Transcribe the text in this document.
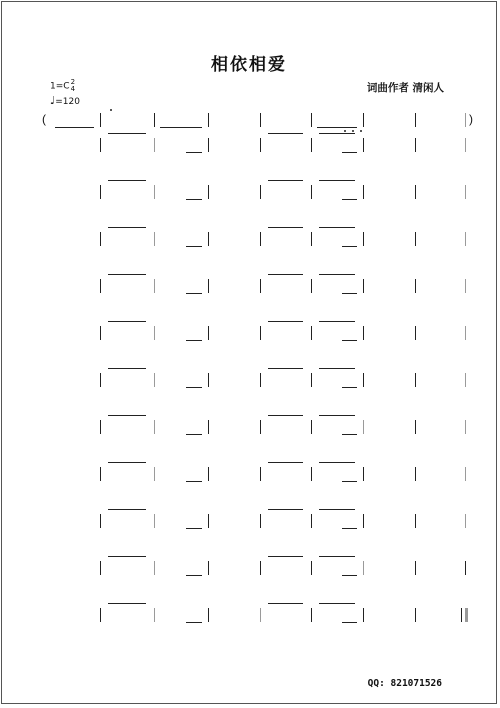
相依相爱
词曲作者 清闲人
1=C2
4
♩=120
(	)
QQ: 821071526
